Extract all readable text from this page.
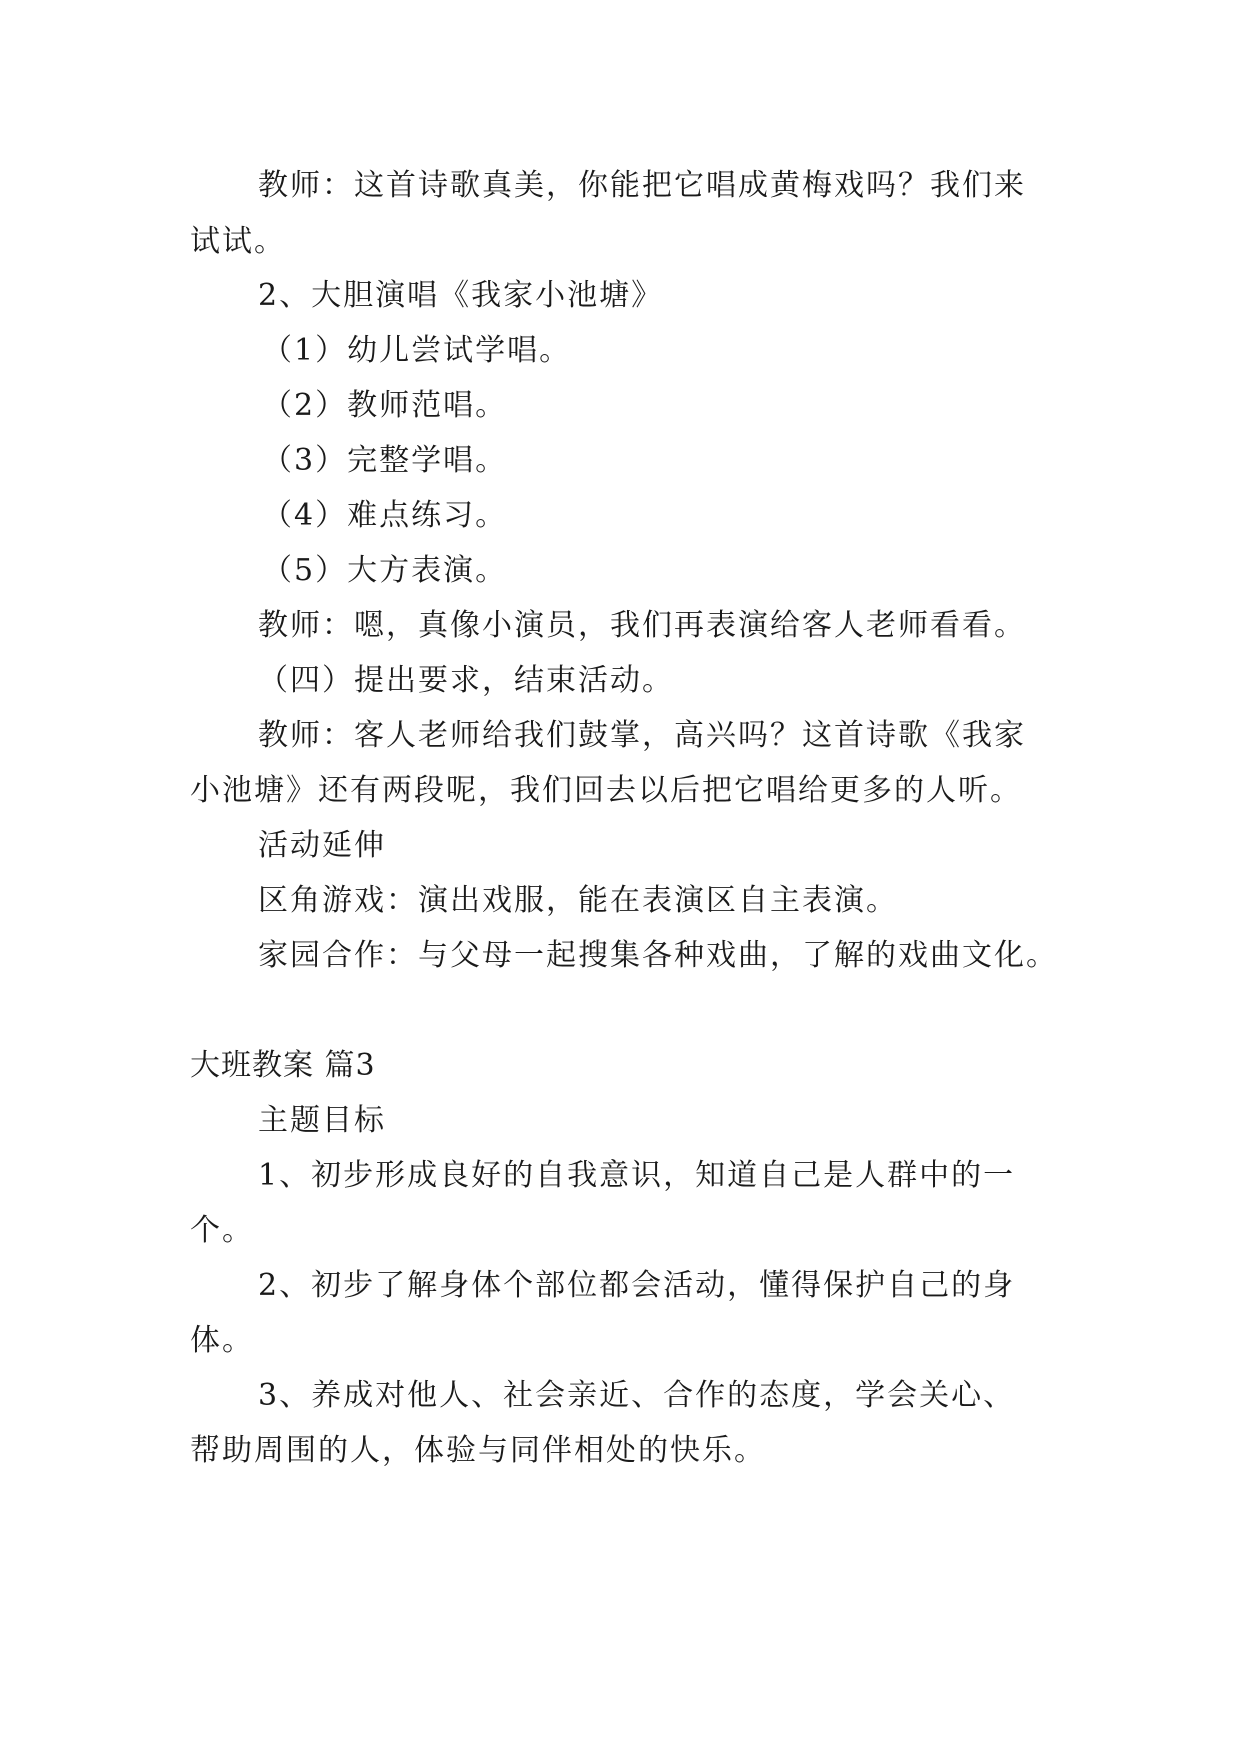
教师：这首诗歌真美，你能把它唱成黄梅戏吗？我们来
试试。
2、大胆演唱《我家小池塘》
（1）幼儿尝试学唱。
（2）教师范唱。
（3）完整学唱。
（4）难点练习。
（5）大方表演。
教师：嗯，真像小演员，我们再表演给客人老师看看。
（四）提出要求，结束活动。
教师：客人老师给我们鼓掌，高兴吗？这首诗歌《我家
小池塘》还有两段呢，我们回去以后把它唱给更多的人听。
活动延伸
区角游戏：演出戏服，能在表演区自主表演。
家园合作：与父母一起搜集各种戏曲，了解的戏曲文化。
大班教案 篇3
主题目标
1、初步形成良好的自我意识，知道自己是人群中的一
个。
2、初步了解身体个部位都会活动，懂得保护自己的身
体。
3、养成对他人、社会亲近、合作的态度，学会关心、
帮助周围的人，体验与同伴相处的快乐。
